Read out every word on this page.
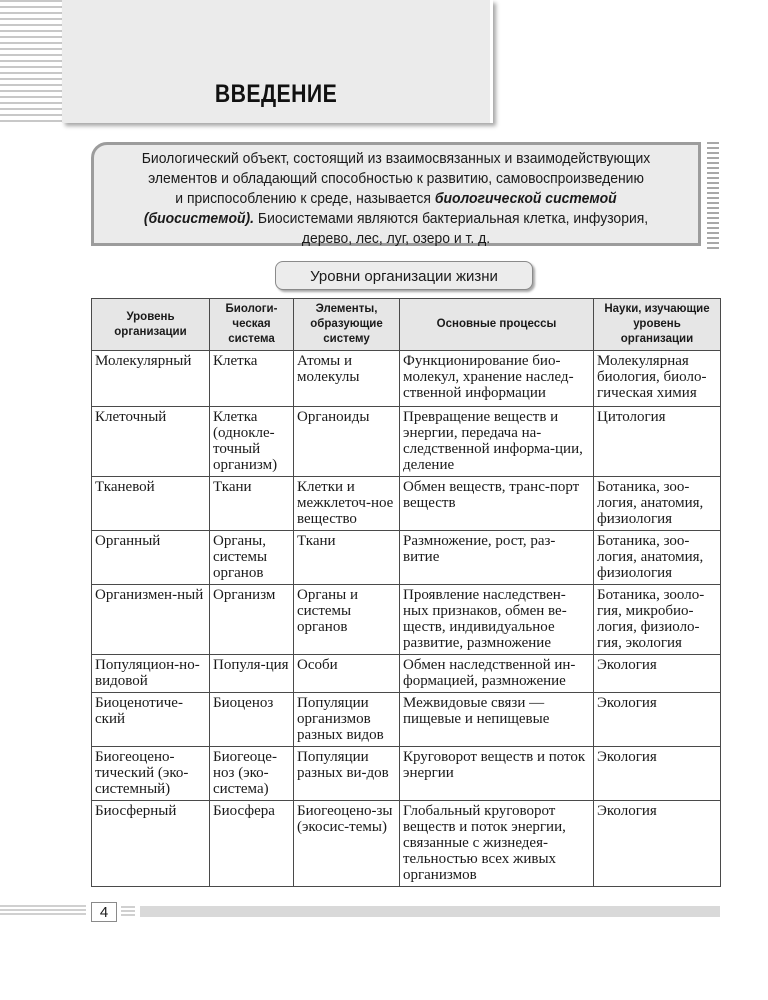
ВВЕДЕНИЕ
Биологический объект, состоящий из взаимосвязанных и взаимодействующих
элементов и обладающий способностью к развитию, самовоспроизведению
и приспособлению к среде, называется биологической системой
(биосистемой). Биосистемами являются бактериальная клетка, инфузория,
дерево, лес, луг, озеро и т. д.
Уровни организации жизни
Уровень организации	Биологи-ческая система	Элементы, образующие систему	Основные процессы	Науки, изучающие уровень организации
Молекулярный	Клетка	Атомы и молекулы	Функционирование био-молекул, хранение наслед-ственной информации	Молекулярная биология, биоло-гическая химия
Клеточный	Клетка (однокле-точный организм)	Органоиды	Превращение веществ и энергии, передача на-следственной информа-ции, деление	Цитология
Тканевой	Ткани	Клетки и межклеточ-ное вещество	Обмен веществ, транс-порт веществ	Ботаника, зоо-логия, анатомия, физиология
Органный	Органы, системы органов	Ткани	Размножение, рост, раз-витие	Ботаника, зоо-логия, анатомия, физиология
Организмен-ный	Организм	Органы и системы органов	Проявление наследствен-ных признаков, обмен ве-ществ, индивидуальное развитие, размножение	Ботаника, зооло-гия, микробио-логия, физиоло-гия, экология
Популяцион-но-видовой	Популя-ция	Особи	Обмен наследственной ин-формацией, размножение	Экология
Биоценотиче-ский	Биоценоз	Популяции организмов разных видов	Межвидовые связи — пищевые и непищевые	Экология
Биогеоцено-тический (эко-системный)	Биогеоце-ноз (эко-система)	Популяции разных ви-дов	Круговорот веществ и поток энергии	Экология
Биосферный	Биосфера	Биогеоцено-зы (экосис-темы)	Глобальный круговорот веществ и поток энергии, связанные с жизнедея-тельностью всех живых организмов	Экология
4
